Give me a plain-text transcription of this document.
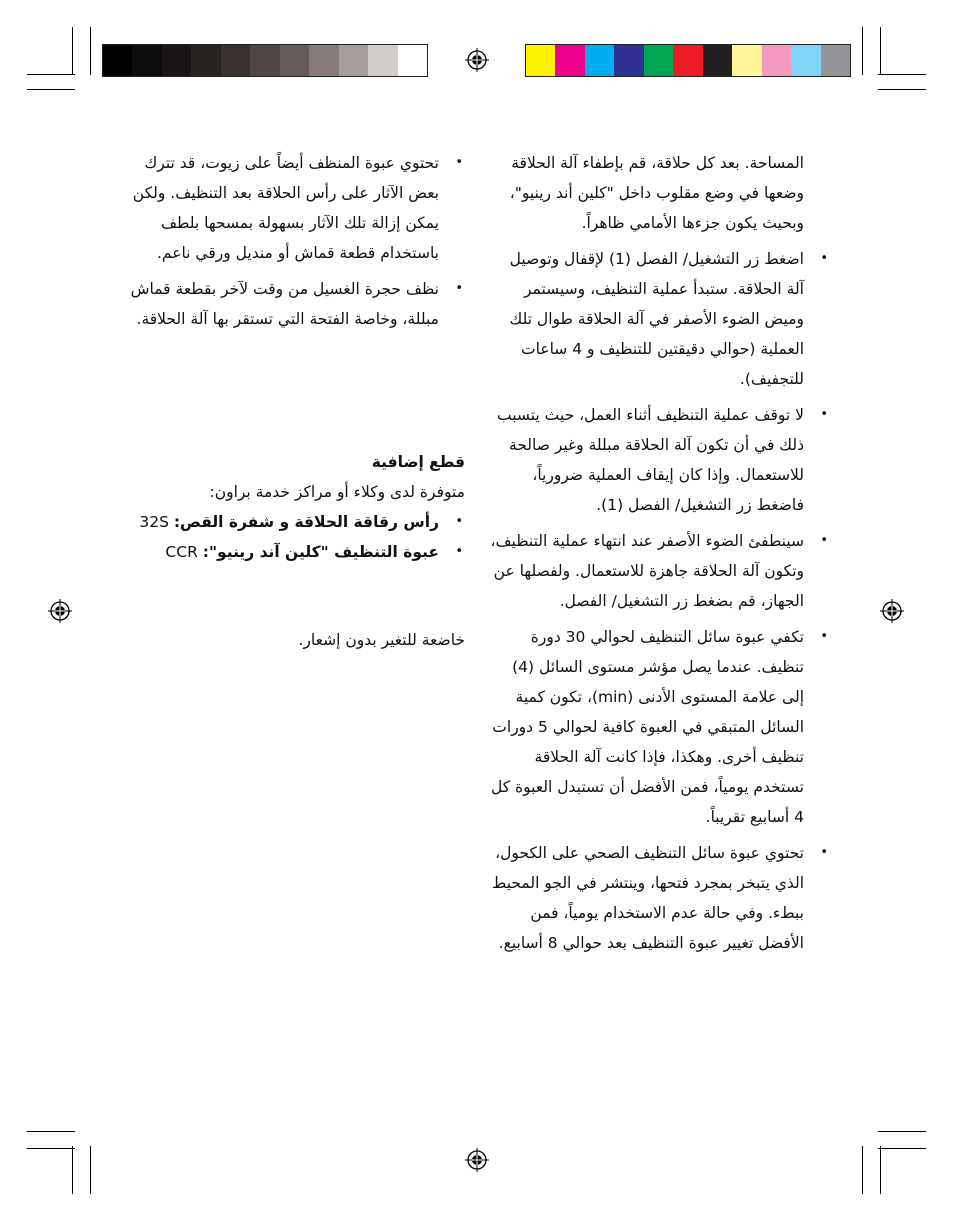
المساحة. بعد كل حلاقة، قم بإطفاء آلة الحلاقة وضعها في وضع مقلوب داخل "كلين أند رينيو"، وبحيث يكون جزءها الأمامي ظاهراً.

• اضغط زر التشغيل/ الفصل (1) لإقفال وتوصيل آلة الحلاقة. ستبدأ عملية التنظيف، وسيستمر وميض الضوء الأصفر في آلة الحلاقة طوال تلك العملية (حوالي دقيقتين للتنظيف و 4 ساعات للتجفيف).
• لا توقف عملية التنظيف أثناء العمل، حيث يتسبب ذلك في أن تكون آلة الحلاقة مبللة وغير صالحة للاستعمال. وإذا كان إيقاف العملية ضرورياً، فاضغط زر التشغيل/ الفصل (1).
• سينطفئ الضوء الأصفر عند انتهاء عملية التنظيف، وتكون آلة الحلاقة جاهزة للاستعمال. ولفصلها عن الجهاز، قم بضغط زر التشغيل/ الفصل.
• تكفي عبوة سائل التنظيف لحوالي 30 دورة تنظيف. عندما يصل مؤشر مستوى السائل (4) إلى علامة المستوى الأدنى (min)، تكون كمية السائل المتبقي في العبوة كافية لحوالي 5 دورات تنظيف أخرى. وهكذا، فإذا كانت آلة الحلاقة تستخدم يومياً، فمن الأفضل أن تستبدل العبوة كل 4 أسابيع تقريباً.
• تحتوي عبوة سائل التنظيف الصحي على الكحول، الذي يتبخر بمجرد فتحها، وينتشر في الجو المحيط ببطء. وفي حالة عدم الاستخدام يومياً، فمن الأفضل تغيير عبوة التنظيف بعد حوالي 8 أسابيع.
• تحتوي عبوة المنظف أيضاً على زيوت، قد تترك بعض الآثار على رأس الحلاقة بعد التنظيف. ولكن يمكن إزالة تلك الآثار بسهولة بمسحها بلطف باستخدام قطعة قماش أو منديل ورقي ناعم.
• نظف حجرة الغسيل من وقت لآخر بقطعة قماش مبللة، وخاصة الفتحة التي تستقر بها آلة الحلاقة.

قطع إضافية

متوفرة لدى وكلاء أو مراكز خدمة براون:

• رأس رقاقة الحلاقة و شفرة القص: 32S
• عبوة التنظيف "كلين آند رينيو": CCR

خاضعة للتغير بدون إشعار.
